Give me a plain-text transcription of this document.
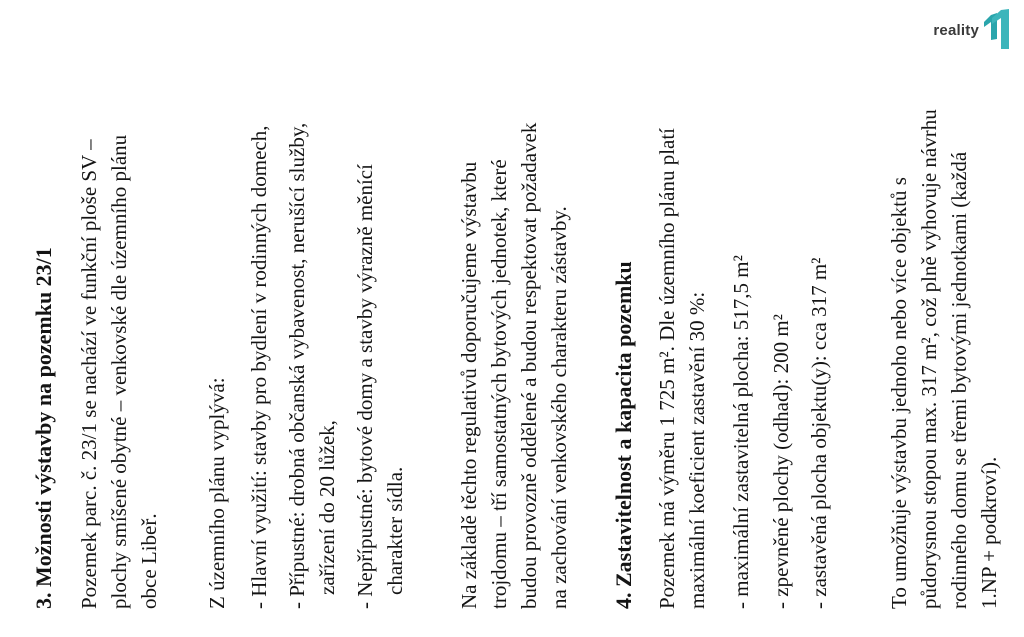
3. Možnosti výstavby na pozemku 23/1 Pozemek parc. č. 23/1 se nachází ve funkční ploše SV – plochy smíšené obytné – venkovské dle územního plánu obce Libeř. Z územního plánu vyplývá: - Hlavní využití: stavby pro bydlení v rodinných domech, - Přípustné: drobná občanská vybavenost, nerušící služby, zařízení do 20 lůžek, - Nepřípustné: bytové domy a stavby výrazně měnící charakter sídla. Na základě těchto regulativů doporučujeme výstavbu trojdomu – tří samostatných bytových jednotek, které budou provozně oddělené a budou respektovat požadavek na zachování venkovského charakteru zástavby. 4. Zastavitelnost a kapacita pozemku Pozemek má výměru 1 725 m². Dle územního plánu platí maximální koeficient zastavění 30 %: - maximální zastavitelná plocha: 517,5 m² - zpevněné plochy (odhad): 200 m² - zastavěná plocha objektu(y): cca 317 m²	To umožňuje výstavbu jednoho nebo více objektů s půdorysnou stopou max. 317 m², což plně vyhovuje návrhu rodinného domu se třemi bytovými jednotkami (každá 1.NP + podkroví).
reality
